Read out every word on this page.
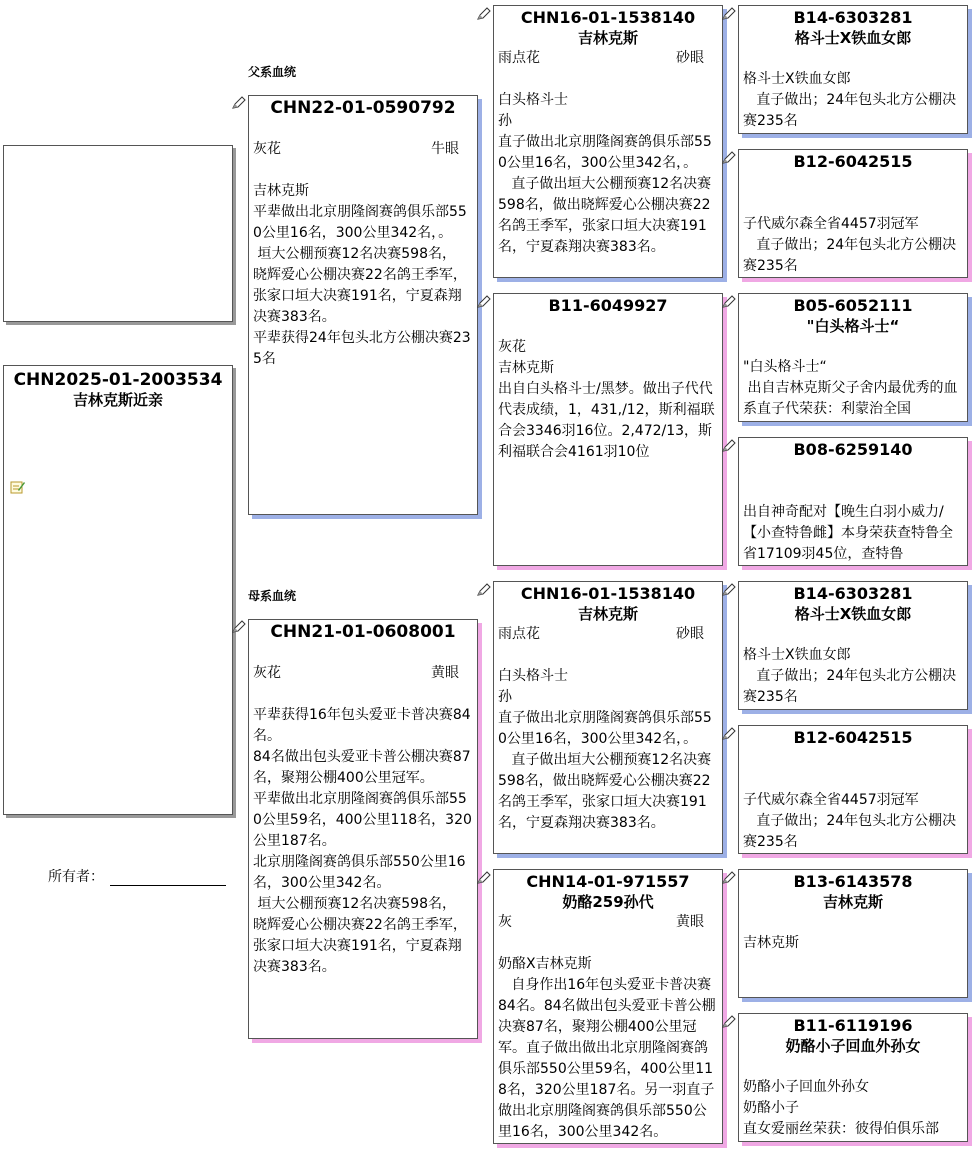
CHN2025-01-2003534
吉林克斯近亲
所有者：
父系血统
母系血统
CHN22-01-0590792
灰花	牛眼
吉林克斯
平辈做出北京朋隆阁赛鸽俱乐部550公里16名，300公里342名，。
垣大公棚预赛12名决赛598名，
晓辉爱心公棚决赛22名鸽王季军，
张家口垣大决赛191名，宁夏森翔决赛383名。
平辈获得24年包头北方公棚决赛235名
CHN21-01-0608001
灰花	黄眼
平辈获得16年包头爱亚卡普决赛84名。
84名做出包头爱亚卡普公棚决赛87名，聚翔公棚400公里冠军。
平辈做出北京朋隆阁赛鸽俱乐部550公里59名，400公里118名，320公里187名。
北京朋隆阁赛鸽俱乐部550公里16名，300公里342名。
垣大公棚预赛12名决赛598名，
晓辉爱心公棚决赛22名鸽王季军，
张家口垣大决赛191名，宁夏森翔决赛383名。
CHN16-01-1538140
吉林克斯
雨点花	砂眼
白头格斗士
孙
直子做出北京朋隆阁赛鸽俱乐部550公里16名，300公里342名，。
直子做出垣大公棚预赛12名决赛598名，做出晓辉爱心公棚决赛22名鸽王季军，张家口垣大决赛191名，宁夏森翔决赛383名。
B11-6049927
灰花
吉林克斯
出自白头格斗士/黑梦。做出子代代代表成绩，1，431,/12，斯利福联合会3346羽16位。2,472/13，斯利福联合会4161羽10位
CHN16-01-1538140
吉林克斯
雨点花	砂眼
白头格斗士
孙
直子做出北京朋隆阁赛鸽俱乐部550公里16名，300公里342名，。
直子做出垣大公棚预赛12名决赛598名，做出晓辉爱心公棚决赛22名鸽王季军，张家口垣大决赛191名，宁夏森翔决赛383名。
CHN14-01-971557
奶酪259孙代
灰	黄眼
奶酪X吉林克斯
自身作出16年包头爱亚卡普决赛84名。84名做出包头爱亚卡普公棚决赛87名，聚翔公棚400公里冠军。直子做出做出北京朋隆阁赛鸽俱乐部550公里59名，400公里118名，320公里187名。另一羽直子做出北京朋隆阁赛鸽俱乐部550公里16名，300公里342名。
B14-6303281
格斗士X铁血女郎
格斗士X铁血女郎
直子做出；24年包头北方公棚决赛235名
B12-6042515
子代威尔森全省4457羽冠军
直子做出；24年包头北方公棚决赛235名
B05-6052111
"白头格斗士“
"白头格斗士“
出自吉林克斯父子舍内最优秀的血系直子代荣获：利蒙治全国
B08-6259140
出自神奇配对【晚生白羽小威力/【小查特鲁雌】本身荣获查特鲁全省17109羽45位，查特鲁
B14-6303281
格斗士X铁血女郎
格斗士X铁血女郎
直子做出；24年包头北方公棚决赛235名
B12-6042515
子代威尔森全省4457羽冠军
直子做出；24年包头北方公棚决赛235名
B13-6143578
吉林克斯
吉林克斯
B11-6119196
奶酪小子回血外孙女
奶酪小子回血外孙女
奶酪小子
直女爱丽丝荣获：彼得伯俱乐部
